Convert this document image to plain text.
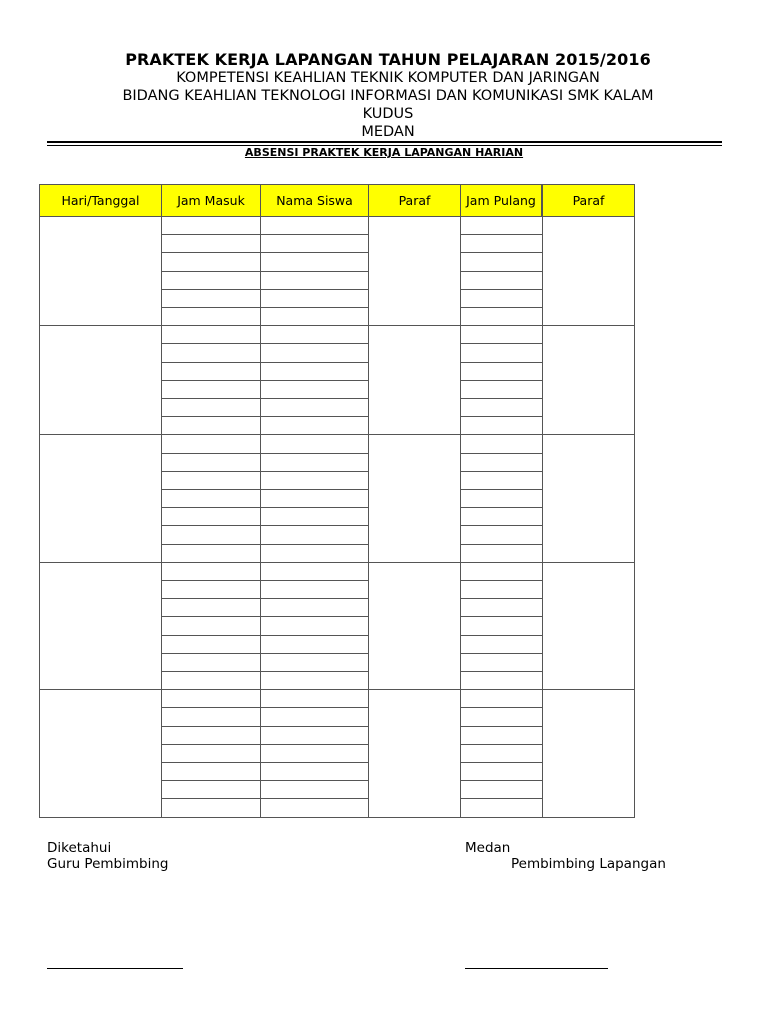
PRAKTEK KERJA LAPANGAN TAHUN PELAJARAN 2015/2016
KOMPETENSI KEAHLIAN TEKNIK KOMPUTER DAN JARINGAN
BIDANG KEAHLIAN TEKNOLOGI INFORMASI DAN KOMUNIKASI SMK KALAM
KUDUS
MEDAN
ABSENSI PRAKTEK KERJA LAPANGAN HARIAN
Hari/Tanggal	Jam Masuk	Nama Siswa	Paraf	Jam Pulang	Paraf
Diketahui
Guru Pembimbing
Medan
Pembimbing Lapangan
